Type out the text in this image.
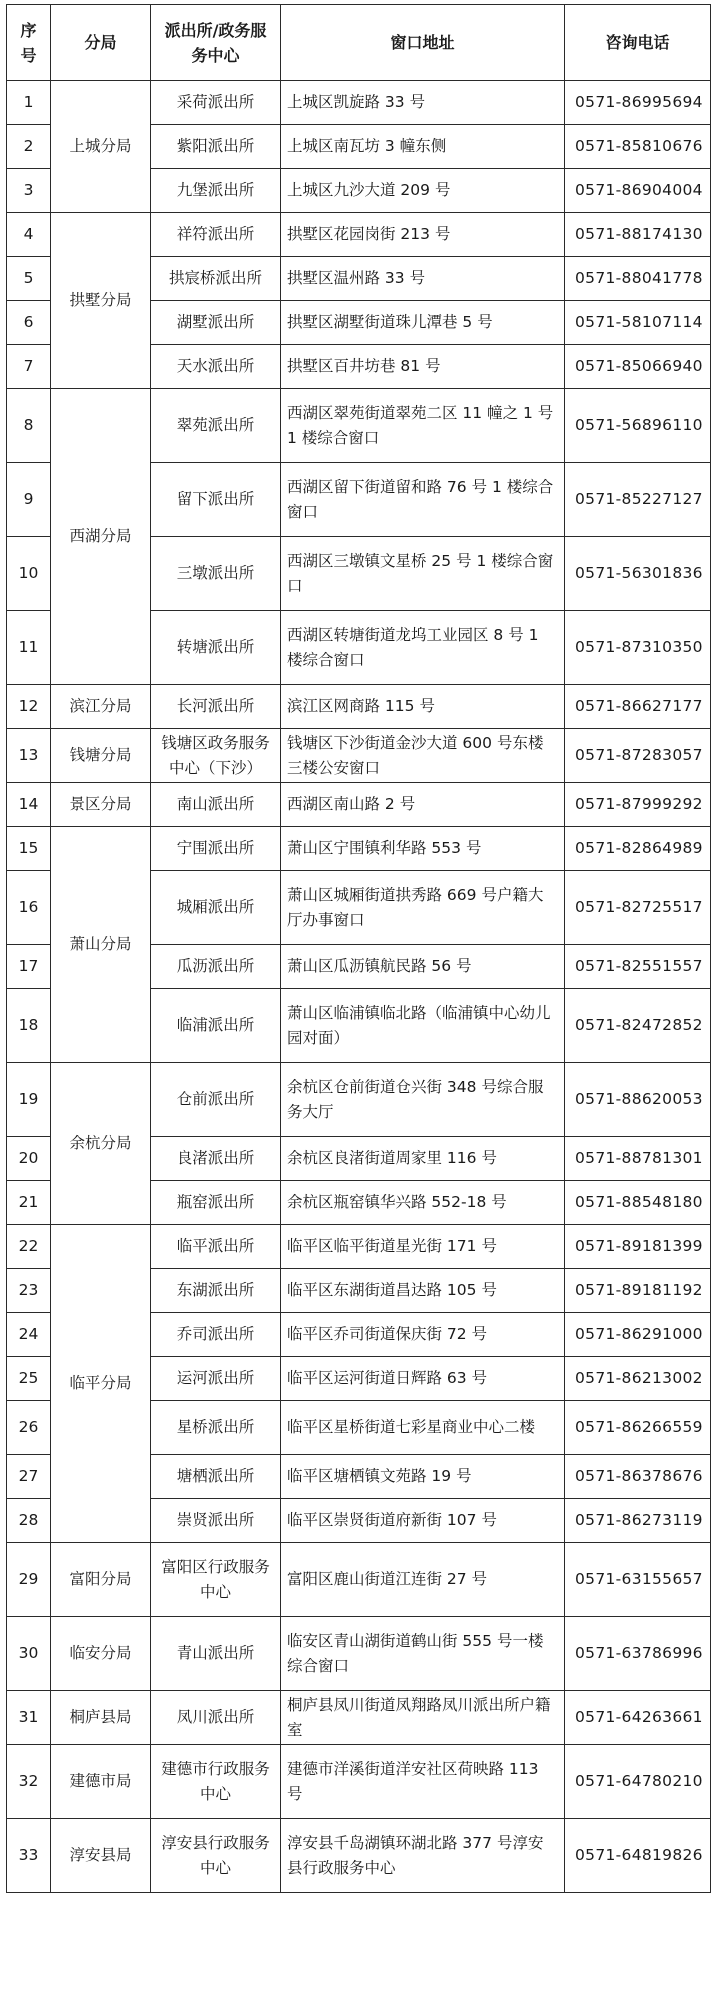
序号	分局	派出所/政务服务中心	窗口地址	咨询电话
1	上城分局	采荷派出所	上城区凯旋路 33 号	0571-86995694
2		紫阳派出所	上城区南瓦坊 3 幢东侧	0571-85810676
3		九堡派出所	上城区九沙大道 209 号	0571-86904004
4	拱墅分局	祥符派出所	拱墅区花园岗街 213 号	0571-88174130
5		拱宸桥派出所	拱墅区温州路 33 号	0571-88041778
6		湖墅派出所	拱墅区湖墅街道珠儿潭巷 5 号	0571-58107114
7		天水派出所	拱墅区百井坊巷 81 号	0571-85066940
8	西湖分局	翠苑派出所	西湖区翠苑街道翠苑二区 11 幢之 1 号 1 楼综合窗口	0571-56896110
9		留下派出所	西湖区留下街道留和路 76 号 1 楼综合窗口	0571-85227127
10		三墩派出所	西湖区三墩镇文星桥 25 号 1 楼综合窗口	0571-56301836
11		转塘派出所	西湖区转塘街道龙坞工业园区 8 号 1 楼综合窗口	0571-87310350
12	滨江分局	长河派出所	滨江区网商路 115 号	0571-86627177
13	钱塘分局	钱塘区政务服务中心（下沙）	钱塘区下沙街道金沙大道 600 号东楼三楼公安窗口	0571-87283057
14	景区分局	南山派出所	西湖区南山路 2 号	0571-87999292
15	萧山分局	宁围派出所	萧山区宁围镇利华路 553 号	0571-82864989
16		城厢派出所	萧山区城厢街道拱秀路 669 号户籍大厅办事窗口	0571-82725517
17		瓜沥派出所	萧山区瓜沥镇航民路 56 号	0571-82551557
18		临浦派出所	萧山区临浦镇临北路（临浦镇中心幼儿园对面）	0571-82472852
19	余杭分局	仓前派出所	余杭区仓前街道仓兴街 348 号综合服务大厅	0571-88620053
20		良渚派出所	余杭区良渚街道周家里 116 号	0571-88781301
21		瓶窑派出所	余杭区瓶窑镇华兴路 552-18 号	0571-88548180
22	临平分局	临平派出所	临平区临平街道星光街 171 号	0571-89181399
23		东湖派出所	临平区东湖街道昌达路 105 号	0571-89181192
24		乔司派出所	临平区乔司街道保庆街 72 号	0571-86291000
25		运河派出所	临平区运河街道日辉路 63 号	0571-86213002
26		星桥派出所	临平区星桥街道七彩星商业中心二楼	0571-86266559
27		塘栖派出所	临平区塘栖镇文苑路 19 号	0571-86378676
28		崇贤派出所	临平区崇贤街道府新街 107 号	0571-86273119
29	富阳分局	富阳区行政服务中心	富阳区鹿山街道江连街 27 号	0571-63155657
30	临安分局	青山派出所	临安区青山湖街道鹤山街 555 号一楼综合窗口	0571-63786996
31	桐庐县局	凤川派出所	桐庐县凤川街道凤翔路凤川派出所户籍室	0571-64263661
32	建德市局	建德市行政服务中心	建德市洋溪街道洋安社区荷映路 113 号	0571-64780210
33	淳安县局	淳安县行政服务中心	淳安县千岛湖镇环湖北路 377 号淳安县行政服务中心	0571-64819826
